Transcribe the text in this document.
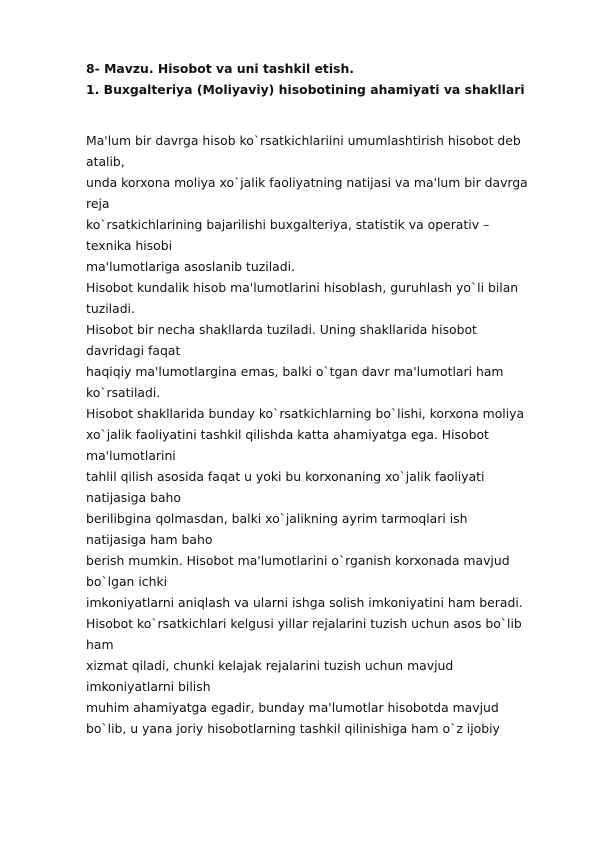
8- Mavzu. Hisobot va uni tashkil etish.
1. Buxgalteriya (Moliyaviy) hisobotining ahamiyati va shakllari
Ma'lum bir davrga hisob ko`rsatkichlariini umumlashtirish hisobot deb
atalib,
unda korxona moliya xo`jalik faoliyatning natijasi va ma'lum bir davrga
reja
ko`rsatkichlarining bajarilishi buxgalteriya, statistik va operativ –
texnika hisobi
ma'lumotlariga asoslanib tuziladi.
Hisobot kundalik hisob ma'lumotlarini hisoblash, guruhlash yo`li bilan
tuziladi.
Hisobot bir necha shakllarda tuziladi. Uning shakllarida hisobot
davridagi faqat
haqiqiy ma'lumotlargina emas, balki o`tgan davr ma'lumotlari ham
ko`rsatiladi.
Hisobot shakllarida bunday ko`rsatkichlarning bo`lishi, korxona moliya
xo`jalik faoliyatini tashkil qilishda katta ahamiyatga ega. Hisobot
ma'lumotlarini
tahlil qilish asosida faqat u yoki bu korxonaning xo`jalik faoliyati
natijasiga baho
berilibgina qolmasdan, balki xo`jalikning ayrim tarmoqlari ish
natijasiga ham baho
berish mumkin. Hisobot ma'lumotlarini o`rganish korxonada mavjud
bo`lgan ichki
imkoniyatlarni aniqlash va ularni ishga solish imkoniyatini ham beradi.
Hisobot ko`rsatkichlari kelgusi yillar rejalarini tuzish uchun asos bo`lib
ham
xizmat qiladi, chunki kelajak rejalarini tuzish uchun mavjud
imkoniyatlarni bilish
muhim ahamiyatga egadir, bunday ma'lumotlar hisobotda mavjud
bo`lib, u yana joriy hisobotlarning tashkil qilinishiga ham o`z ijobiy
